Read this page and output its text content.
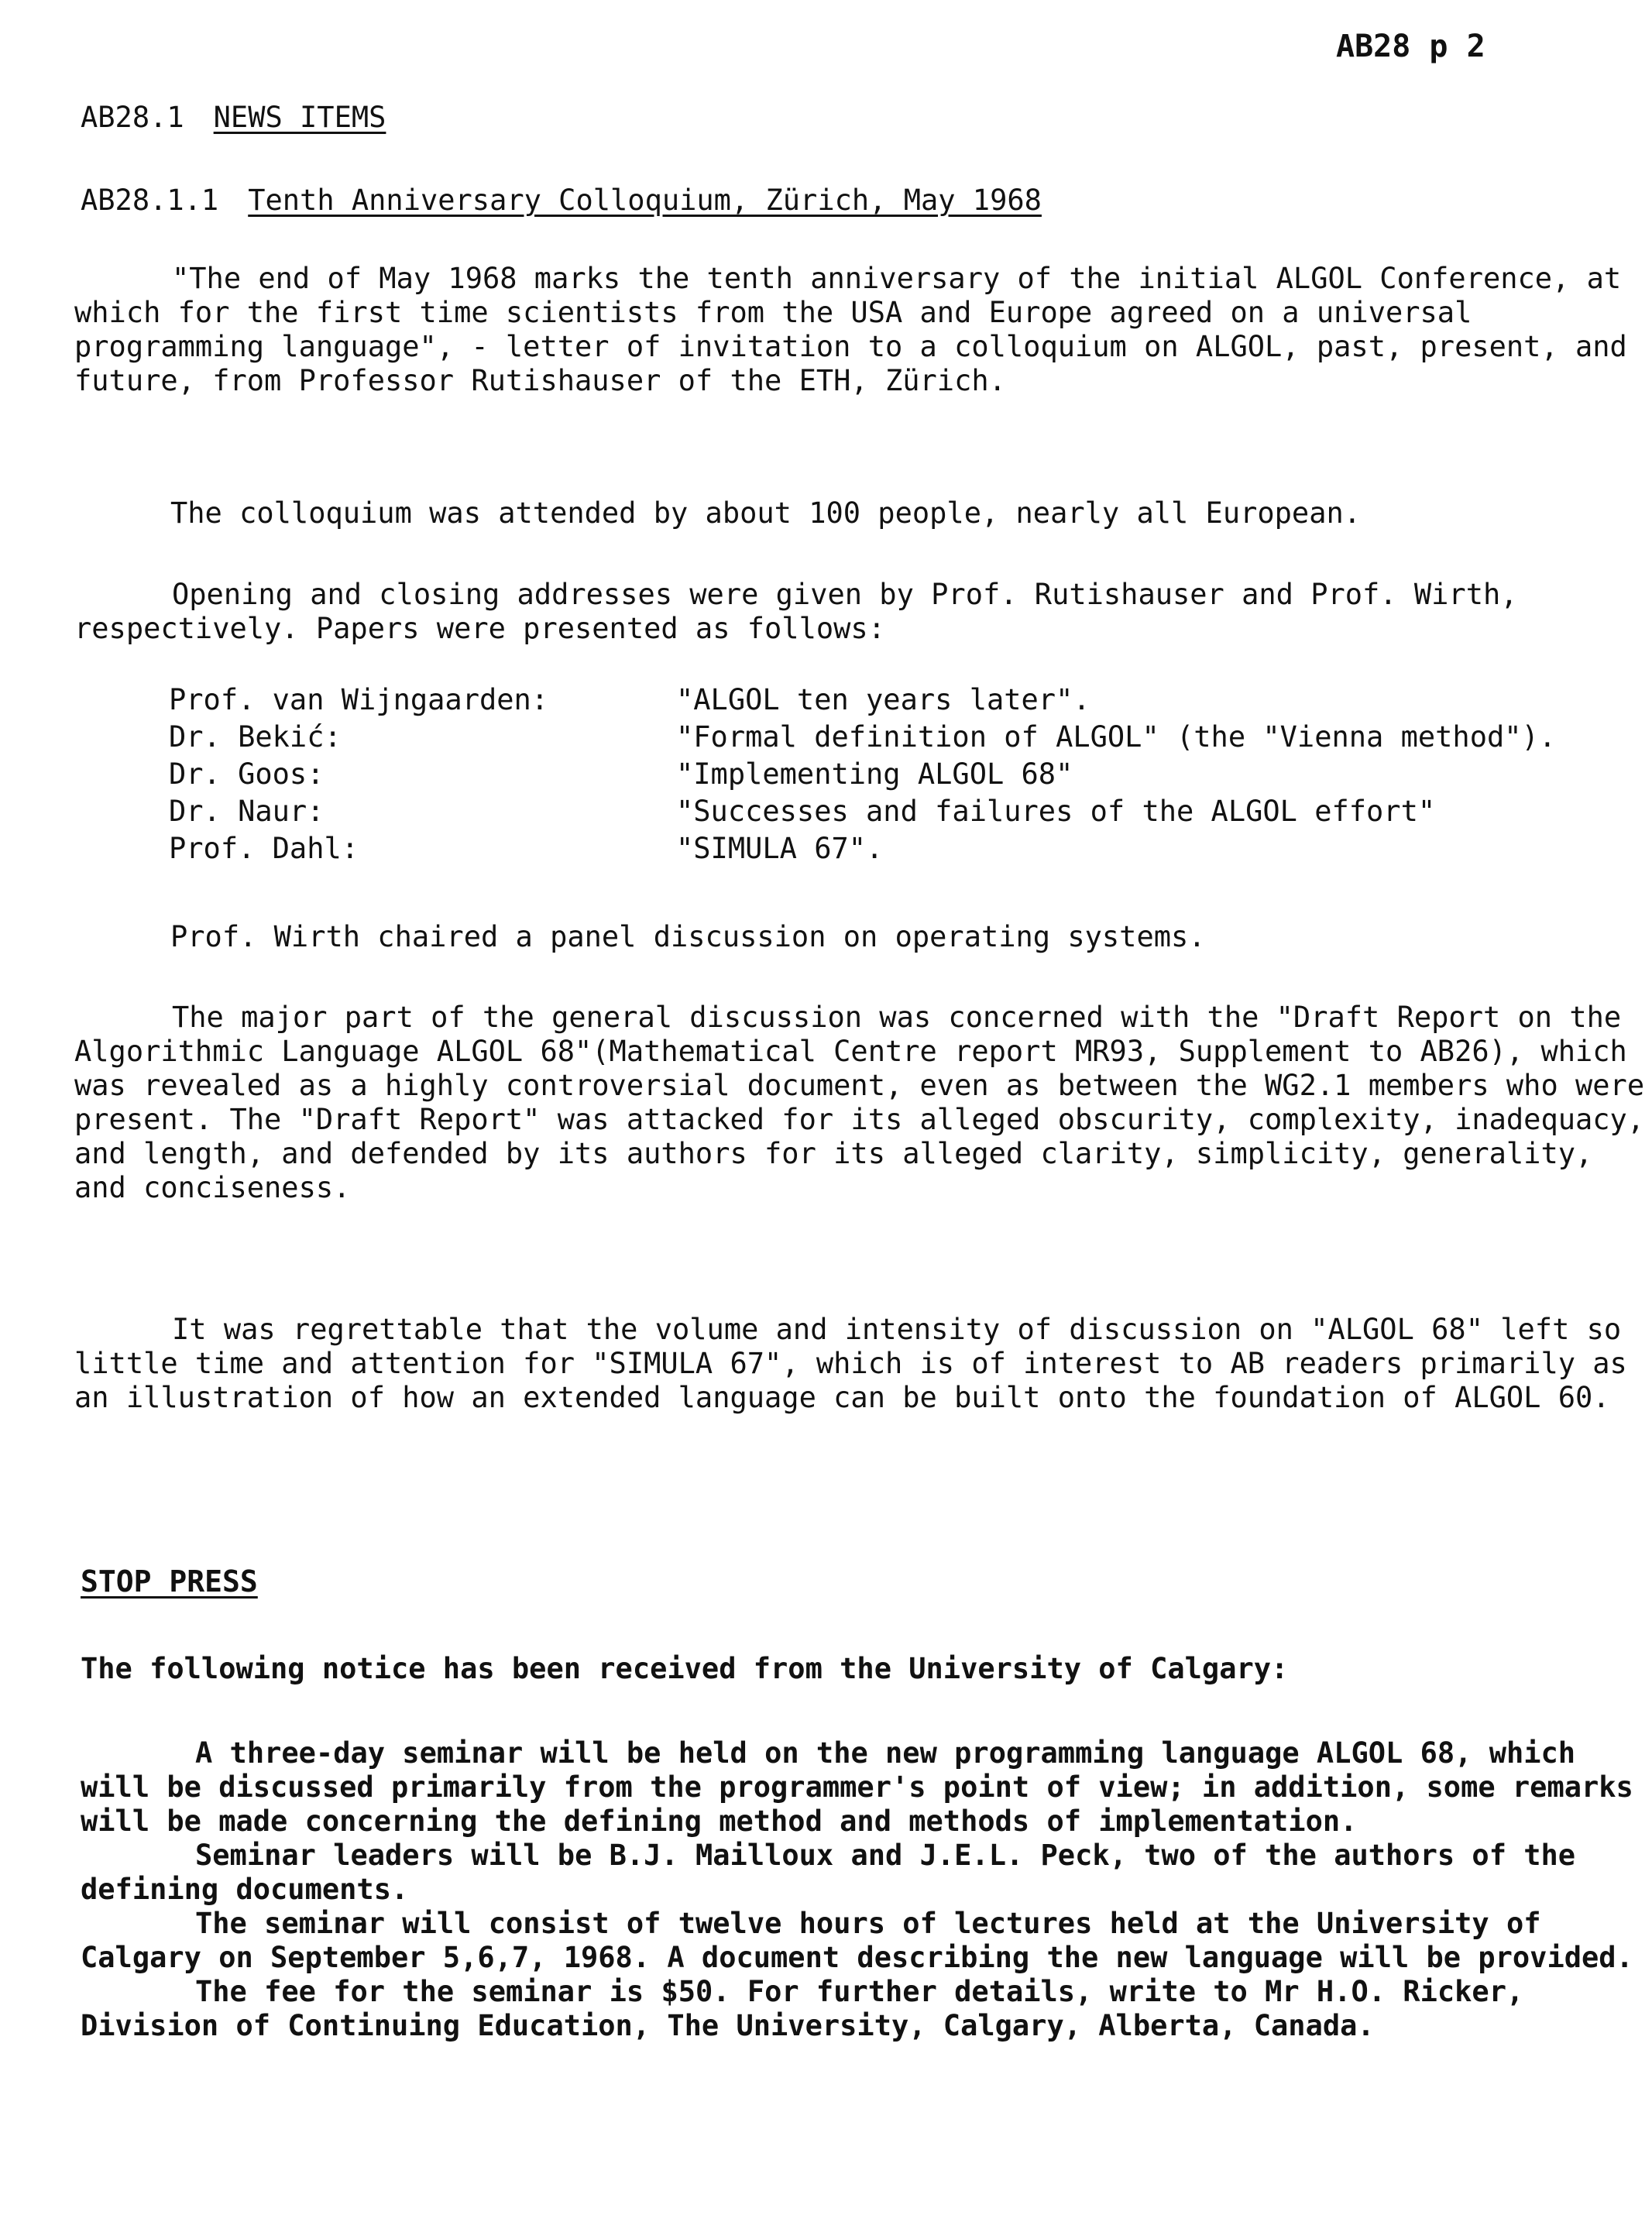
AB28 p 2
AB28.1 NEWS ITEMS
AB28.1.1 Tenth Anniversary Colloquium, Zürich, May 1968
"The end of May 1968 marks the tenth anniversary of the initial ALGOL Conference, at which for the first time scientists from the USA and Europe agreed on a universal programming language", - letter of invitation to a colloquium on ALGOL, past, present, and future, from Professor Rutishauser of the ETH, Zürich.
The colloquium was attended by about 100 people, nearly all European.
Opening and closing addresses were given by Prof. Rutishauser and Prof. Wirth, respectively. Papers were presented as follows:
Prof. van Wijngaarden:	"ALGOL ten years later".
Dr. Bekić:	"Formal definition of ALGOL" (the "Vienna method").
Dr. Goos:	"Implementing ALGOL 68"
Dr. Naur:	"Successes and failures of the ALGOL effort"
Prof. Dahl:	"SIMULA 67".
Prof. Wirth chaired a panel discussion on operating systems.
The major part of the general discussion was concerned with the "Draft Report on the Algorithmic Language ALGOL 68"(Mathematical Centre report MR93, Supplement to AB26), which was revealed as a highly controversial document, even as between the WG2.1 members who were present. The "Draft Report" was attacked for its alleged obscurity, complexity, inadequacy, and length, and defended by its authors for its alleged clarity, simplicity, generality, and conciseness.
It was regrettable that the volume and intensity of discussion on "ALGOL 68" left so little time and attention for "SIMULA 67", which is of interest to AB readers primarily as an illustration of how an extended language can be built onto the foundation of ALGOL 60.
STOP PRESS
The following notice has been received from the University of Calgary:

A three-day seminar will be held on the new programming language ALGOL 68, which will be discussed primarily from the programmer's point of view; in addition, some remarks will be made concerning the defining method and methods of implementation.

Seminar leaders will be B.J. Mailloux and J.E.L. Peck, two of the authors of the defining documents.

The seminar will consist of twelve hours of lectures held at the University of Calgary on September 5,6,7, 1968. A document describing the new language will be provided.

The fee for the seminar is $50. For further details, write to Mr H.O. Ricker, Division of Continuing Education, The University, Calgary, Alberta, Canada.
